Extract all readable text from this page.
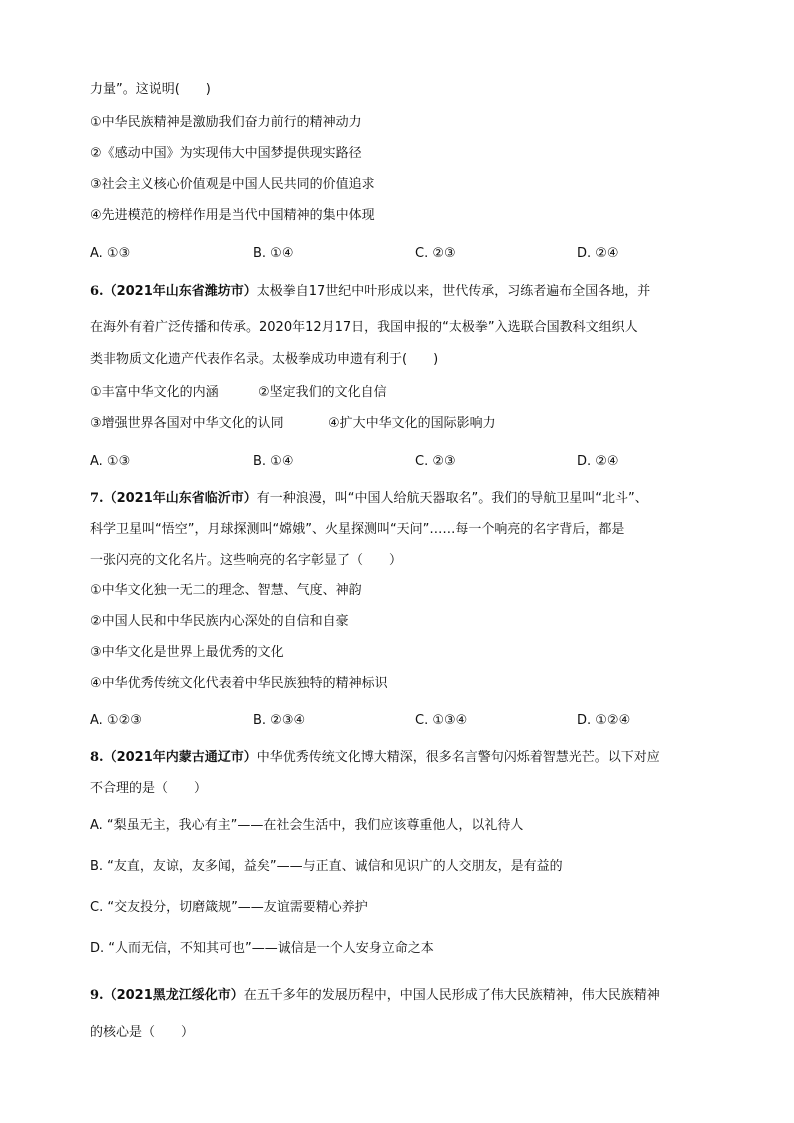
力量”。这说明(　　)
①中华民族精神是激励我们奋力前行的精神动力
②《感动中国》为实现伟大中国梦提供现实路径
③社会主义核心价值观是中国人民共同的价值追求
④先进模范的榜样作用是当代中国精神的集中体现
A. ①③	B. ①④	C. ②③	D. ②④
6.（2021年山东省潍坊市）太极拳自17世纪中叶形成以来，世代传承，习练者遍布全国各地，并
在海外有着广泛传播和传承。2020年12月17日，我国申报的“太极拳”入选联合国教科文组织人
类非物质文化遗产代表作名录。太极拳成功申遗有利于(　　)
①丰富中华文化的内涵	②坚定我们的文化自信
③增强世界各国对中华文化的认同	④扩大中华文化的国际影响力
A. ①③	B. ①④	C. ②③	D. ②④
7.（2021年山东省临沂市）有一种浪漫，叫“中国人给航天器取名”。我们的导航卫星叫“北斗”、
科学卫星叫“悟空”，月球探测叫“嫦娥”、火星探测叫“天问”……每一个响亮的名字背后，都是
一张闪亮的文化名片。这些响亮的名字彰显了（　　）
①中华文化独一无二的理念、智慧、气度、神韵
②中国人民和中华民族内心深处的自信和自豪
③中华文化是世界上最优秀的文化
④中华优秀传统文化代表着中华民族独特的精神标识
A. ①②③	B. ②③④	C. ①③④	D. ①②④
8.（2021年内蒙古通辽市）中华优秀传统文化博大精深，很多名言警句闪烁着智慧光芒。以下对应
不合理的是（　　）
A. “梨虽无主，我心有主”——在社会生活中，我们应该尊重他人，以礼待人
B. “友直，友谅，友多闻，益矣”——与正直、诚信和见识广的人交朋友，是有益的
C. “交友投分，切磨箴规”——友谊需要精心养护
D. “人而无信，不知其可也”——诚信是一个人安身立命之本
9.（2021黑龙江绥化市）在五千多年的发展历程中，中国人民形成了伟大民族精神，伟大民族精神
的核心是（　　）
